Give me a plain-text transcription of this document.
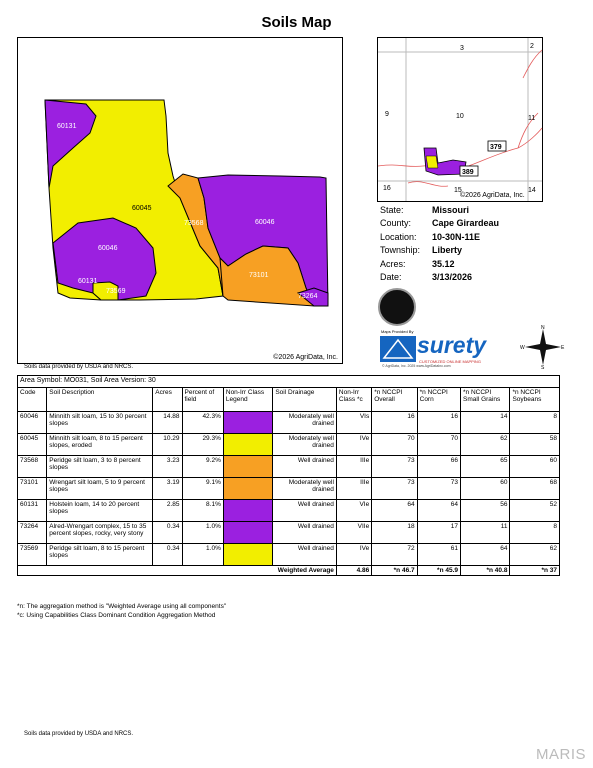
Soils Map
60131
60045
73568	60046
60046
60131
73569
73101
73264
©2026 AgriData, Inc.
Soils data provided by USDA and NRCS.
3	2
9	10	11
16	15	14
379
389
©2026 AgriData, Inc.
State:	Missouri
County:	Cape Girardeau
Location:	10-30N-11E
Township:	Liberty
Acres:	35.12
Date:	3/13/2026
Maps Provided By
surety
CUSTOMIZED ONLINE MAPPING
© AgriData, Inc. 2025 www.AgriDataInc.com
N
S
W	E
Area Symbol: MO031, Soil Area Version: 30										
Code	Soil Description	Acres	Percent of field	Non-Irr Class Legend	Soil Drainage	Non-Irr Class *c	*n NCCPI Overall	*n NCCPI Corn	*n NCCPI Small Grains	*n NCCPI Soybeans
60046	Minnith silt loam, 15 to 30 percent slopes	14.88	42.3%		Moderately well drained	VIs	16	16	14	8
60045	Minnith silt loam, 8 to 15 percent slopes, eroded	10.29	29.3%		Moderately well drained	IVe	70	70	62	58
73568	Peridge silt loam, 3 to 8 percent slopes	3.23	9.2%		Well drained	IIIe	73	66	65	60
73101	Wrengart silt loam, 5 to 9 percent slopes	3.19	9.1%		Moderately well drained	IIIe	73	73	60	68
60131	Holstein loam, 14 to 20 percent slopes	2.85	8.1%		Well drained	VIe	64	64	56	52
73264	Alred-Wrengart complex, 15 to 35 percent slopes, rocky, very stony	0.34	1.0%		Well drained	VIIe	18	17	11	8
73569	Peridge silt loam, 8 to 15 percent slopes	0.34	1.0%		Well drained	IVe	72	61	64	62
Weighted Average						4.86	*n 46.7	*n 45.9	*n 40.8	*n 37
*n: The aggregation method is "Weighted Average using all components"
*c: Using Capabilities Class Dominant Condition Aggregation Method
Soils data provided by USDA and NRCS.
MARIS
